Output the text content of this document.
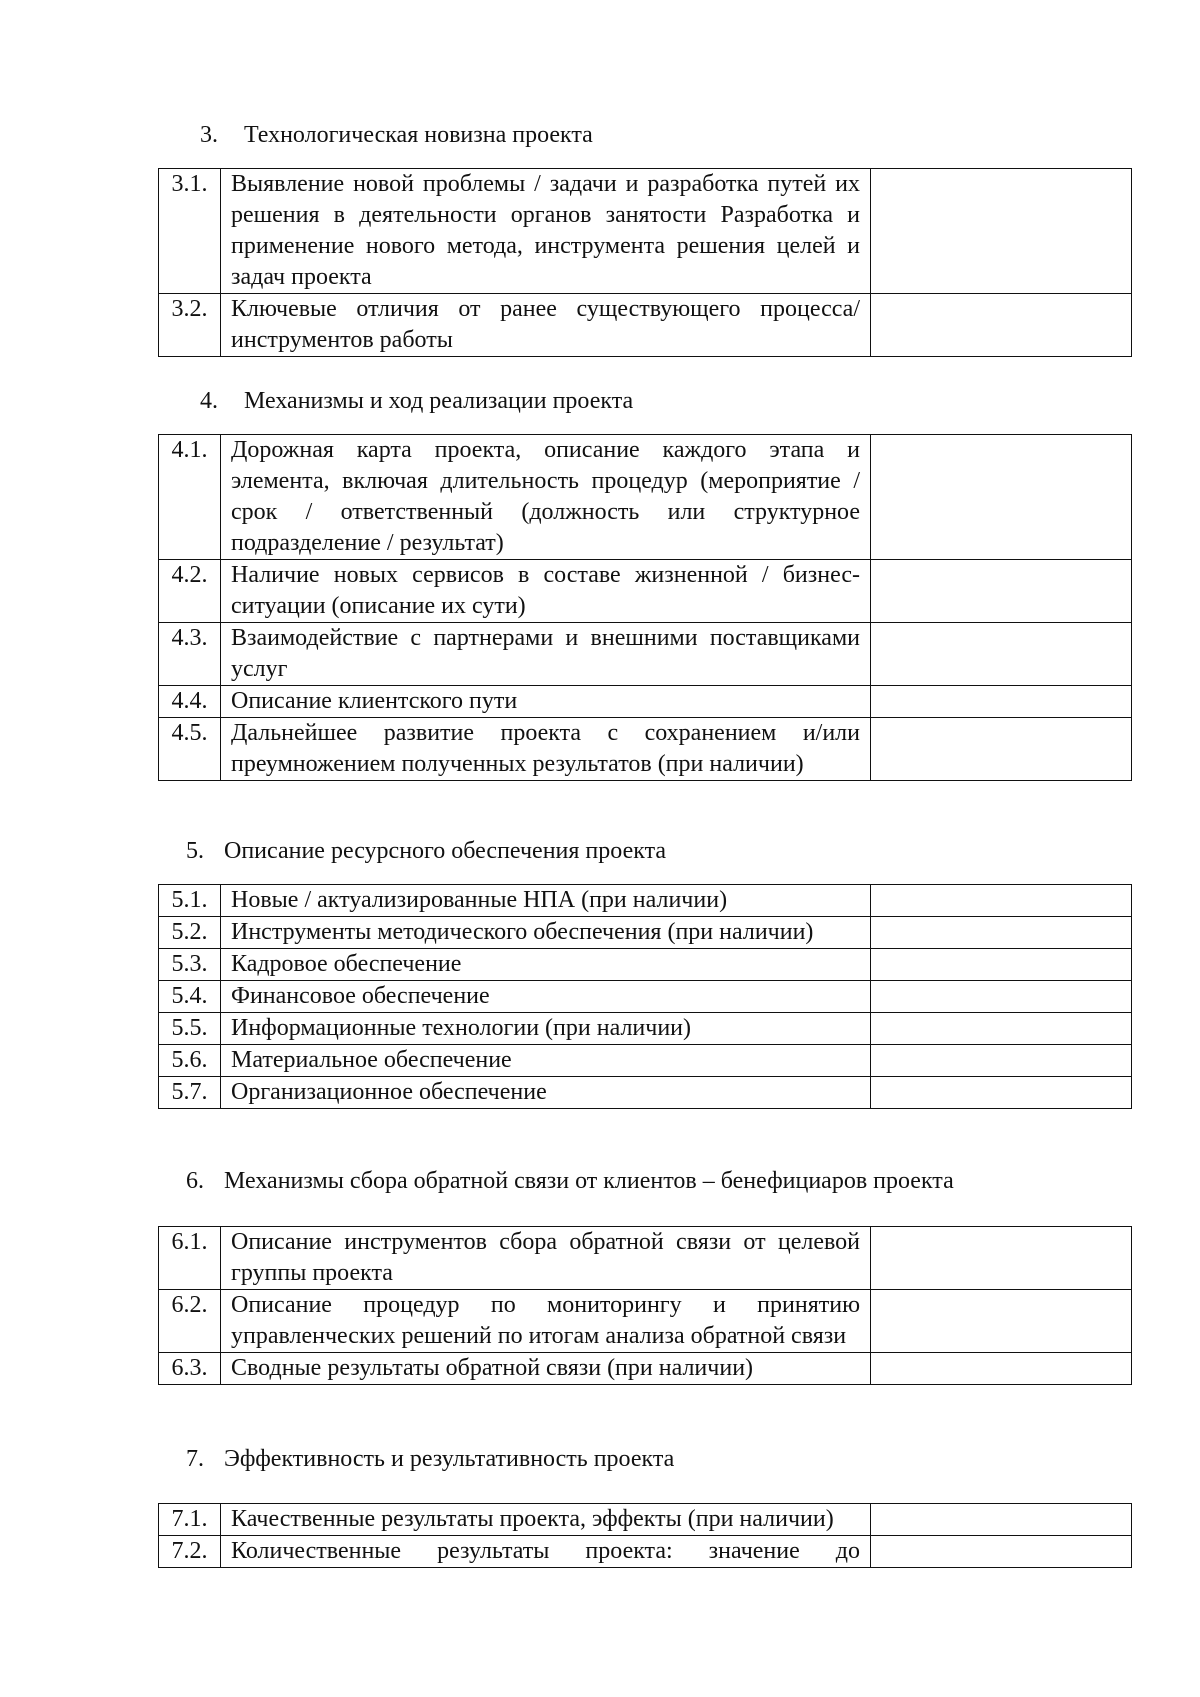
3. Технологическая новизна проекта
3.1.	Выявление новой проблемы / задачи и разработка путей их решения в деятельности органов занятости Разработка и применение нового метода, инструмента решения целей и задач проекта	
3.2.	Ключевые отличия от ранее существующего процесса/ инструментов работы	
4. Механизмы и ход реализации проекта
4.1.	Дорожная карта проекта, описание каждого этапа и элемента, включая длительность процедур (мероприятие / срок / ответственный (должность или структурное подразделение / результат)	
4.2.	Наличие новых сервисов в составе жизненной / бизнес-ситуации (описание их сути)	
4.3.	Взаимодействие с партнерами и внешними поставщиками услуг	
4.4.	Описание клиентского пути	
4.5.	Дальнейшее развитие проекта с сохранением и/или преумножением полученных результатов (при наличии)	
5. Описание ресурсного обеспечения проекта
5.1.	Новые / актуализированные НПА (при наличии)	
5.2.	Инструменты методического обеспечения (при наличии)	
5.3.	Кадровое обеспечение	
5.4.	Финансовое обеспечение	
5.5.	Информационные технологии (при наличии)	
5.6.	Материальное обеспечение	
5.7.	Организационное обеспечение	
6. Механизмы сбора обратной связи от клиентов – бенефициаров проекта
6.1.	Описание инструментов сбора обратной связи от целевой группы проекта	
6.2.	Описание процедур по мониторингу и принятию управленческих решений по итогам анализа обратной связи	
6.3.	Сводные результаты обратной связи (при наличии)	
7. Эффективность и результативность проекта
7.1.	Качественные результаты проекта, эффекты (при наличии)	
7.2.	Количественные результаты проекта: значение до	
